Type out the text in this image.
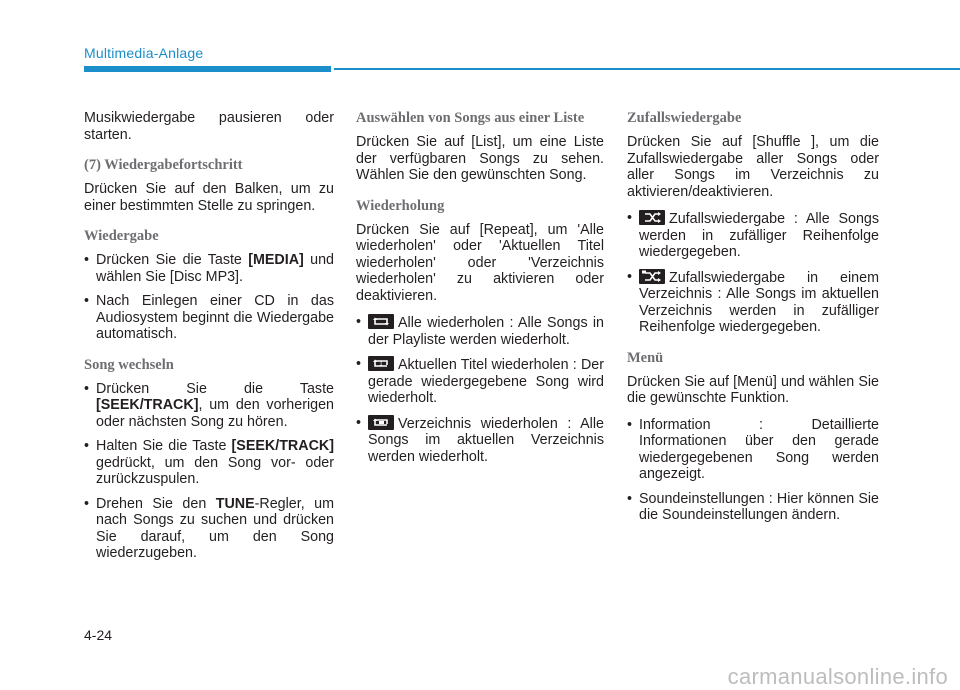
Multimedia-Anlage

Musikwiedergabe pausieren oder starten.

(7) Wiedergabefortschritt

Drücken Sie auf den Balken, um zu einer bestimmten Stelle zu springen.

Wiedergabe
• Drücken Sie die Taste [MEDIA] und wählen Sie [Disc MP3].
• Nach Einlegen einer CD in das Audiosystem beginnt die Wiedergabe automatisch.
Song wechseln
• Drücken Sie die Taste [SEEK/TRACK], um den vorherigen oder nächsten Song zu hören.
• Halten Sie die Taste [SEEK/TRACK] gedrückt, um den Song vor- oder zurückzuspulen.
• Drehen Sie den TUNE-Regler, um nach Songs zu suchen und drücken Sie darauf, um den Song wiederzugeben.
Auswählen von Songs aus einer Liste

Drücken Sie auf [List], um eine Liste der verfügbaren Songs zu sehen. Wählen Sie den gewünschten Song.

Wiederholung

Drücken Sie auf [Repeat], um 'Alle wiederholen' oder 'Aktuellen Titel wiederholen' oder 'Verzeichnis wiederholen' zu aktivieren oder deaktivieren.

• Alle wiederholen : Alle Songs in der Playliste werden wiederholt.
• 1 Aktuellen Titel wiederholen : Der gerade wiedergegebene Song wird wiederholt.
• Verzeichnis wiederholen : Alle Songs im aktuellen Verzeichnis werden wiederholt.
Zufallswiedergabe

Drücken Sie auf [Shuffle ], um die Zufallswiedergabe aller Songs oder aller Songs im Verzeichnis zu aktivieren/deaktivieren.

• Zufallswiedergabe : Alle Songs werden in zufälliger Reihenfolge wiedergegeben.
• Zufallswiedergabe in einem Verzeichnis : Alle Songs im aktuellen Verzeichnis werden in zufälliger Reihenfolge wiedergegeben.
Menü

Drücken Sie auf [Menü] und wählen Sie die gewünschte Funktion.

• Information : Detaillierte Informationen über den gerade wiedergegebenen Song werden angezeigt.
• Soundeinstellungen : Hier können Sie die Soundeinstellungen ändern.
4-24
carmanualsonline.info
